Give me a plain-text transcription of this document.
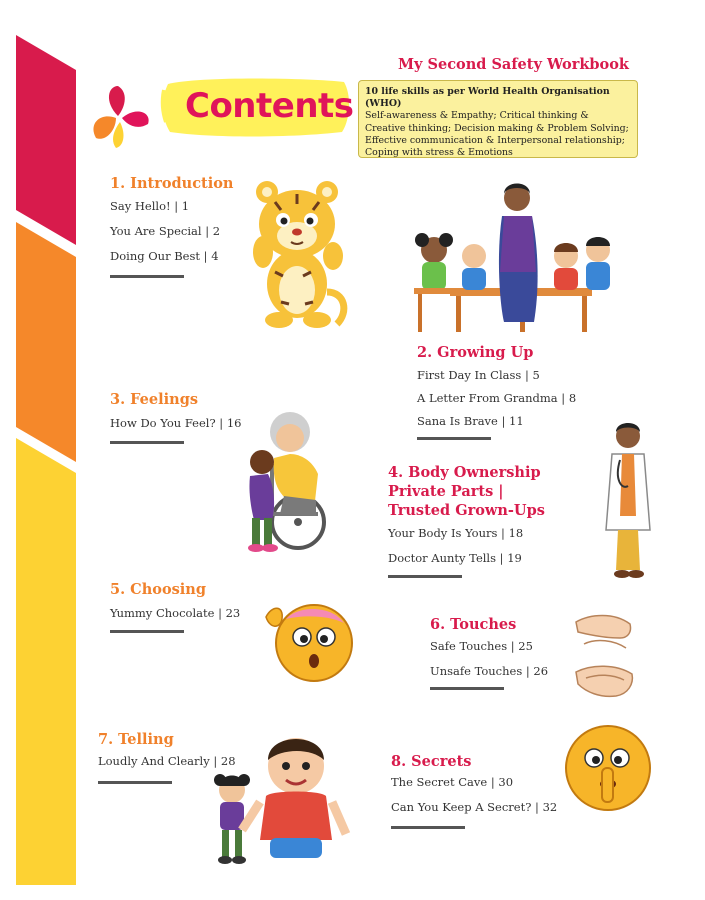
My Second Safety Workbook
10 life skills as per World Health Organisation (WHO)
Self-awareness & Empathy; Critical thinking & Creative thinking; Decision making & Problem Solving; Effective communication & Interpersonal relationship; Coping with stress & Emotions
Contents
1. Introduction
Say Hello! | 1
You Are Special | 2
Doing Our Best | 4
2. Growing Up
First Day In Class | 5
A Letter From Grandma | 8
Sana Is Brave | 11
3. Feelings
How Do You Feel? | 16
4. Body Ownership
Private Parts |
Trusted Grown-Ups
Your Body Is Yours | 18
Doctor Aunty Tells | 19
5. Choosing
Yummy Chocolate | 23
6. Touches
Safe Touches | 25
Unsafe Touches | 26
7. Telling
Loudly And Clearly | 28	8. Secrets
The Secret Cave | 30
Can You Keep A Secret? | 32
